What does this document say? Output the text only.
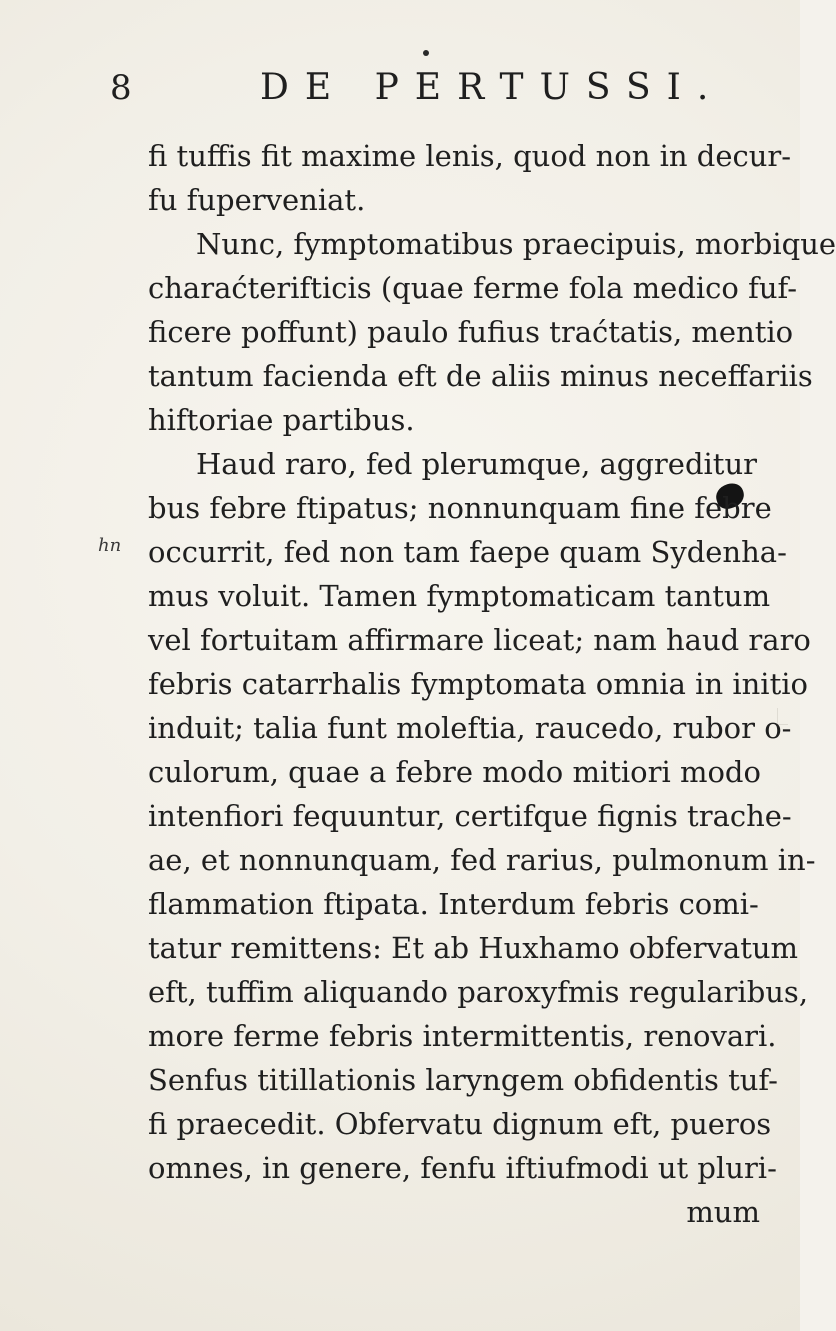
8	DE PERTUSSI.
hn
fi tuffis fit maxime lenis, quod non in decur-
fu fuperveniat.
Nunc, fymptomatibus praecipuis, morbique
charaćterifticis (quae ferme fola medico fuf-
ficere poffunt) paulo fufius traćtatis, mentio
tantum facienda eft de aliis minus neceffariis
hiftoriae partibus.
Haud raro, fed plerumque, aggreditur
bus febre ftipatus; nonnunquam fine febre
occurrit, fed non tam faepe quam Sydenha-
mus voluit. Tamen fymptomaticam tantum
vel fortuitam affirmare liceat; nam haud raro
febris catarrhalis fymptomata omnia in initio
induit; talia funt moleftia, raucedo, rubor o-
culorum, quae a febre modo mitiori modo
intenfiori fequuntur, certifque fignis trache-
ae, et nonnunquam, fed rarius, pulmonum in-
flammation ftipata. Interdum febris comi-
tatur remittens: Et ab Huxhamo obfervatum
eft, tuffim aliquando paroxyfmis regularibus,
more ferme febris intermittentis, renovari.
Senfus titillationis laryngem obfidentis tuf-
fi praecedit. Obfervatu dignum eft, pueros
omnes, in genere, fenfu iftiufmodi ut pluri-
mum
